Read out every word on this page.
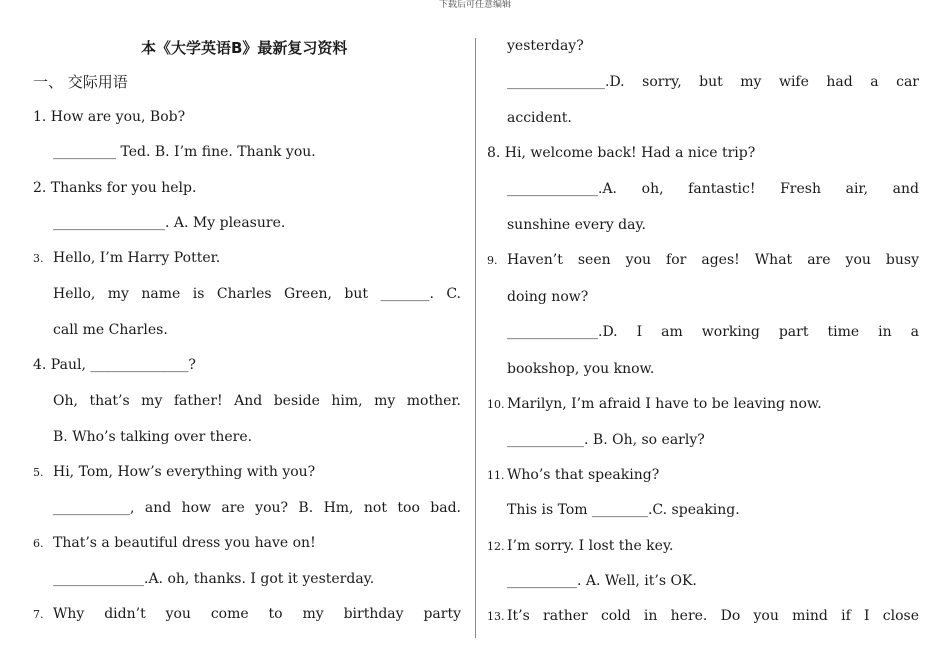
下载后可任意编辑
本《大学英语B》最新复习资料
一、 交际用语
1. How are you, Bob?
_________ Ted. B. I’m fine. Thank you.
2. Thanks for you help.
________________. A. My pleasure.
3. Hello, I’m Harry Potter.
Hello, my name is Charles Green, but _______. C.
call me Charles.
4. Paul, ______________?
Oh, that’s my father! And beside him, my mother.
B. Who’s talking over there.
5. Hi, Tom, How’s everything with you?
___________, and how are you? B. Hm, not too bad.
6. That’s a beautiful dress you have on!
_____________.A. oh, thanks. I got it yesterday.
7. Why didn’t you come to my birthday party
yesterday?
______________.D. sorry, but my wife had a car
accident.
8. Hi, welcome back! Had a nice trip?
_____________.A. oh, fantastic! Fresh air, and
sunshine every day.
9. Haven’t seen you for ages! What are you busy
doing now?
_____________.D. I am working part time in a
bookshop, you know.
10. Marilyn, I’m afraid I have to be leaving now.
___________. B. Oh, so early?
11. Who’s that speaking?
This is Tom ________.C. speaking.
12. I’m sorry. I lost the key.
__________. A. Well, it’s OK.
13. It’s rather cold in here. Do you mind if I close
